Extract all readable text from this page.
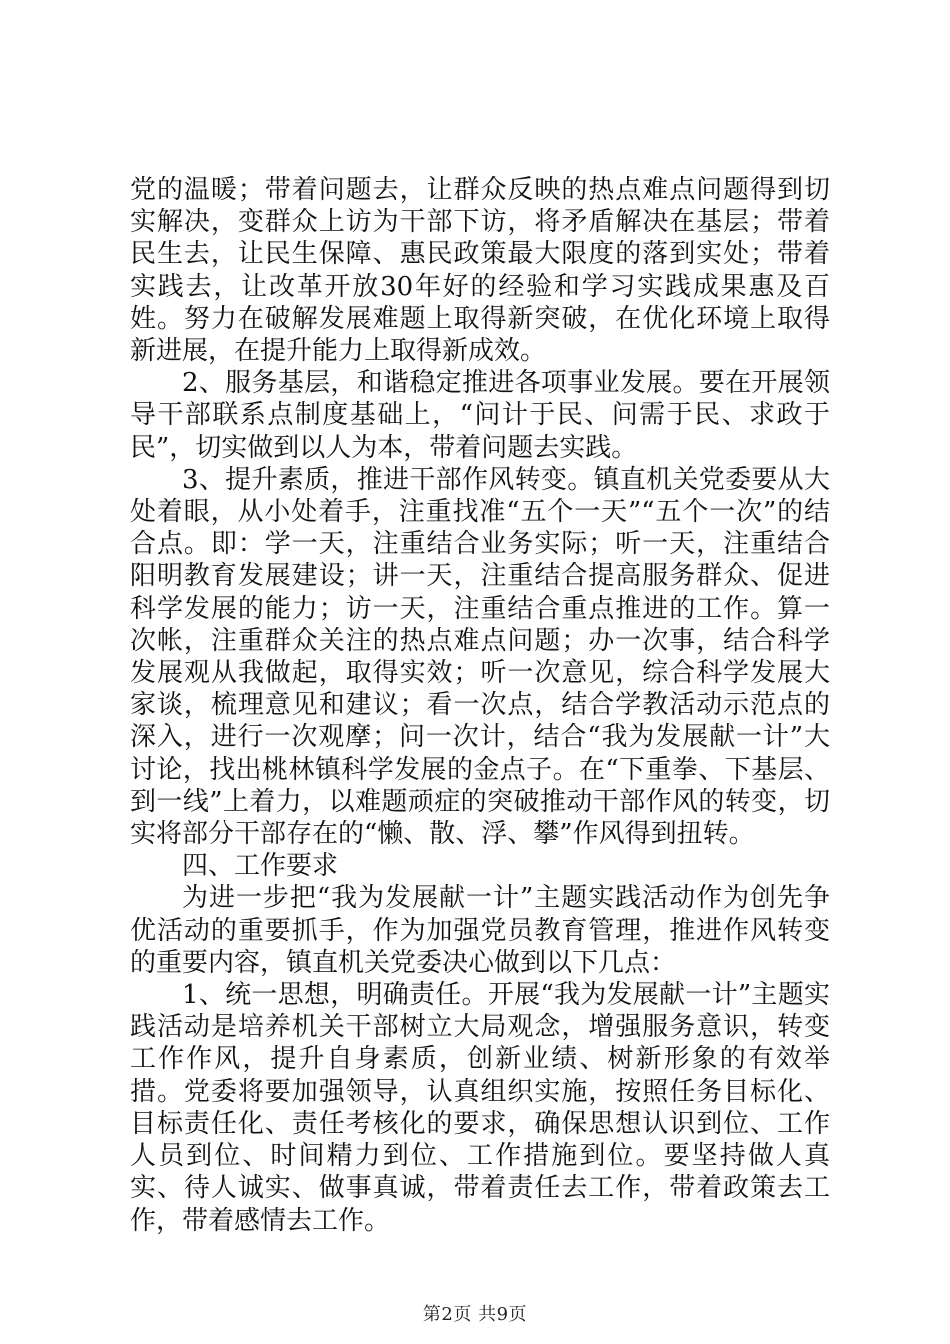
党的温暖；带着问题去，让群众反映的热点难点问题得到切实解决，变群众上访为干部下访，将矛盾解决在基层；带着民生去，让民生保障、惠民政策最大限度的落到实处；带着实践去，让改革开放30年好的经验和学习实践成果惠及百姓。努力在破解发展难题上取得新突破，在优化环境上取得新进展，在提升能力上取得新成效。

2、服务基层，和谐稳定推进各项事业发展。要在开展领导干部联系点制度基础上，“问计于民、问需于民、求政于民”，切实做到以人为本，带着问题去实践。

3、提升素质，推进干部作风转变。镇直机关党委要从大处着眼，从小处着手，注重找准“五个一天”“五个一次”的结合点。即：学一天，注重结合业务实际；听一天，注重结合阳明教育发展建设；讲一天，注重结合提高服务群众、促进科学发展的能力；访一天，注重结合重点推进的工作。算一次帐，注重群众关注的热点难点问题；办一次事，结合科学发展观从我做起，取得实效；听一次意见，综合科学发展大家谈，梳理意见和建议；看一次点，结合学教活动示范点的深入，进行一次观摩；问一次计，结合“我为发展献一计”大讨论，找出桃林镇科学发展的金点子。在“下重拳、下基层、到一线”上着力，以难题顽症的突破推动干部作风的转变，切实将部分干部存在的“懒、散、浮、攀”作风得到扭转。

四、工作要求

为进一步把“我为发展献一计”主题实践活动作为创先争优活动的重要抓手，作为加强党员教育管理，推进作风转变的重要内容，镇直机关党委决心做到以下几点：

1、统一思想，明确责任。开展“我为发展献一计”主题实践活动是培养机关干部树立大局观念，增强服务意识，转变工作作风，提升自身素质，创新业绩、树新形象的有效举措。党委将要加强领导，认真组织实施，按照任务目标化、目标责任化、责任考核化的要求，确保思想认识到位、工作人员到位、时间精力到位、工作措施到位。要坚持做人真实、待人诚实、做事真诚，带着责任去工作，带着政策去工作，带着感情去工作。

第2页 共9页
